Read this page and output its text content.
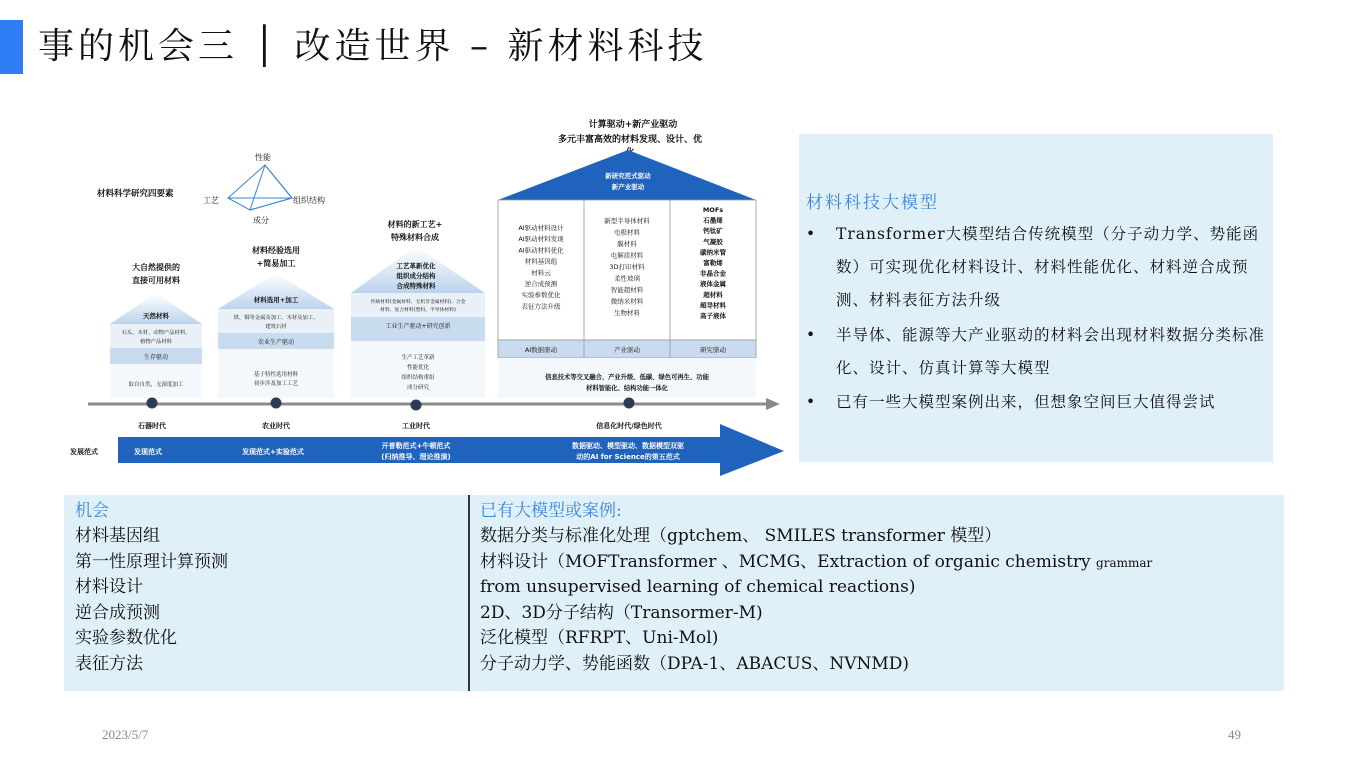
事的机会三 │ 改造世界 – 新材料科技
计算驱动+新产业驱动
多元丰富高效的材料发现、设计、优
性能
工艺	组织结构
成分
材料科学研究四要素
大自然提供的
直接可用材料
天然材料
石头、木材、动物产品材料、
植物产品材料
生存驱动
取自自然，无深度加工
材料经验选用
+简易加工
材料选用+加工
铁、铜等金属及加工、木材及加工、
建筑石材
农业生产驱动
基于特性选用材料
初步涉及加工工艺
材料的新工艺+
特殊材料合成
工艺革新优化
组织成分结构
合成特殊材料
传统材料(金属材料、无机非金属材料)、合金
材料、复合材料(塑料、半导体材料)
工业生产驱动+研究创新
生产工艺革新
性能优化
组织结构重组
成分研究
新研究范式驱动
新产业驱动
AI驱动材料设计
AI驱动材料发现
AI驱动材料优化
材料基因组
材料云
逆合成预测
实验参数优化
表征方法升级
新型半导体材料
电极材料
膜材料
电解质材料
3D打印材料
柔性玻璃
智能超材料
微纳米材料
生物材料
MOFs
石墨烯
钙钛矿
气凝胶
碳纳米管
富勒烯
非晶合金
液体金属
超材料
超导材料
高子液体
AI数据驱动	产业驱动	研究驱动
信息技术等交叉融合、产业升级、低碳、绿色可再生、功能
材料智能化、结构功能一体化
石器时代	农业时代	工业时代	信息化时代/绿色时代
发展范式	发现范式	发现范式+实验范式
开普勒范式+牛顿范式
(归纳推导、理论推演)
数据驱动、模型驱动、数据模型双驱
动的AI for Science的第五范式
材料科技大模型
•	Transformer大模型结合传统模型（分子动力学、势能函数）可实现优化材料设计、材料性能优化、材料逆合成预测、材料表征方法升级
•	半导体、能源等大产业驱动的材料会出现材料数据分类标准化、设计、仿真计算等大模型
•	已有一些大模型案例出来，但想象空间巨大值得尝试
机会
材料基因组
第一性原理计算预测
材料设计
逆合成预测
实验参数优化
表征方法
已有大模型或案例:
数据分类与标准化处理（gptchem、 SMILES transformer 模型）
材料设计（MOFTransformer 、MCMG、Extraction of organic chemistry grammar
from unsupervised learning of chemical reactions)
2D、3D分子结构（Transormer-M)
泛化模型（RFRPT、Uni-Mol)
分子动力学、势能函数（DPA-1、ABACUS、NVNMD)
2023/5/7	49
